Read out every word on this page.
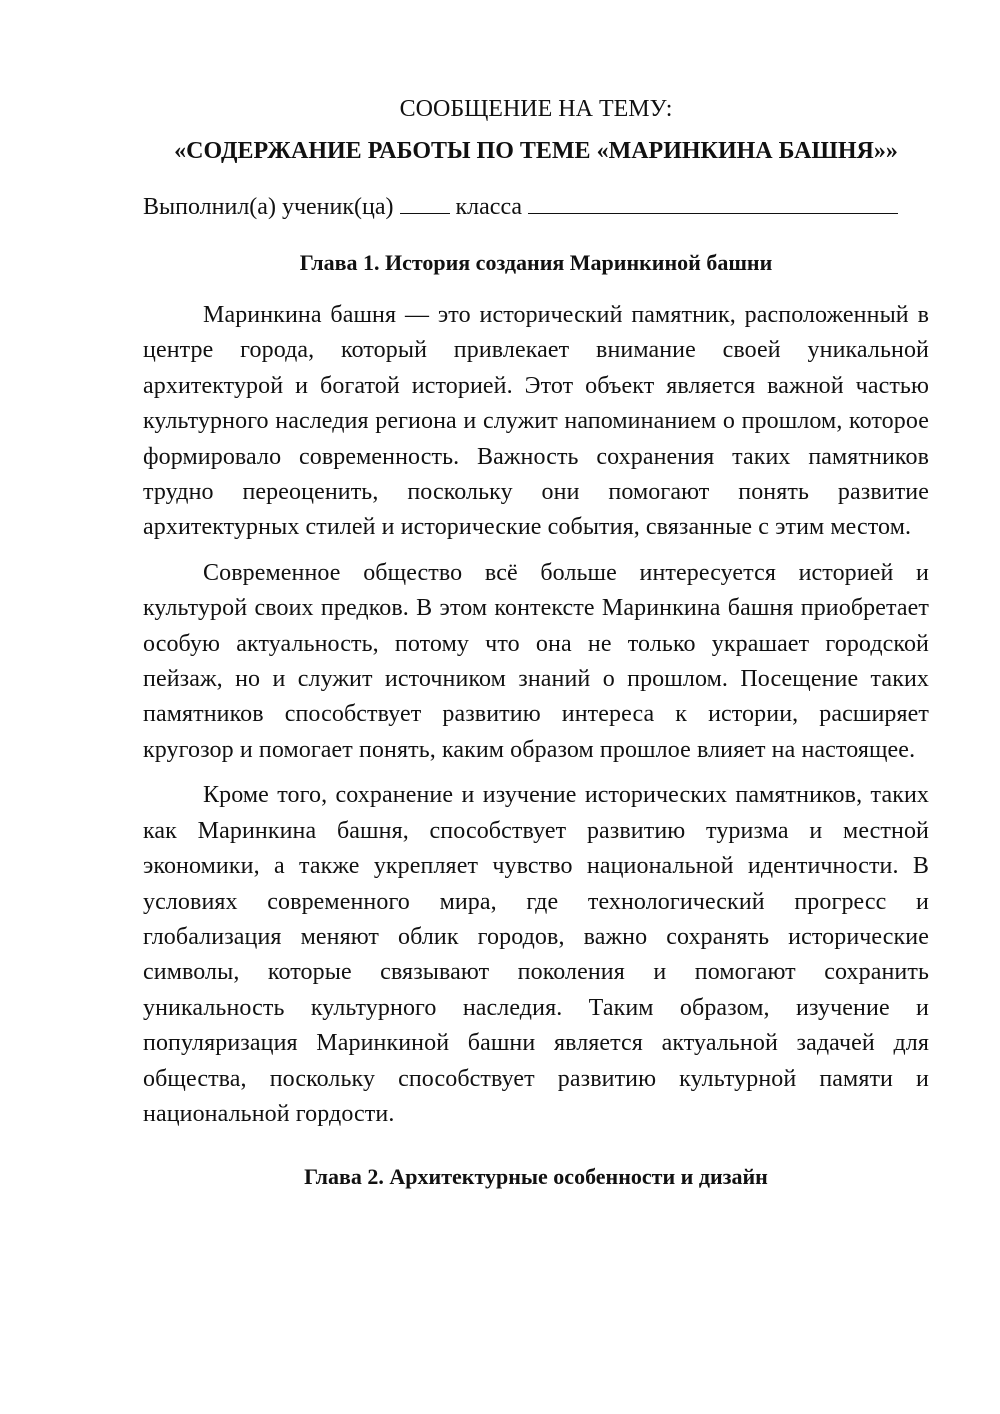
СООБЩЕНИЕ НА ТЕМУ:

«СОДЕРЖАНИЕ РАБОТЫ ПО ТЕМЕ «МАРИНКИНА БАШНЯ»»

Выполнил(а) ученик(ца)	класса

Глава 1. История создания Маринкиной башни

Маринкина башня — это исторический памятник, расположенный в центре города, который привлекает внимание своей уникальной архитектурой и богатой историей. Этот объект является важной частью культурного наследия региона и служит напоминанием о прошлом, которое формировало современность. Важность сохранения таких памятников трудно переоценить, поскольку они помогают понять развитие архитектурных стилей и исторические события, связанные с этим местом.

Современное общество всё больше интересуется историей и культурой своих предков. В этом контексте Маринкина башня приобретает особую актуальность, потому что она не только украшает городской пейзаж, но и служит источником знаний о прошлом. Посещение таких памятников способствует развитию интереса к истории, расширяет кругозор и помогает понять, каким образом прошлое влияет на настоящее.

Кроме того, сохранение и изучение исторических памятников, таких как Маринкина башня, способствует развитию туризма и местной экономики, а также укрепляет чувство национальной идентичности. В условиях современного мира, где технологический прогресс и глобализация меняют облик городов, важно сохранять исторические символы, которые связывают поколения и помогают сохранить уникальность культурного наследия. Таким образом, изучение и популяризация Маринкиной башни является актуальной задачей для общества, поскольку способствует развитию культурной памяти и национальной гордости.

Глава 2. Архитектурные особенности и дизайн
